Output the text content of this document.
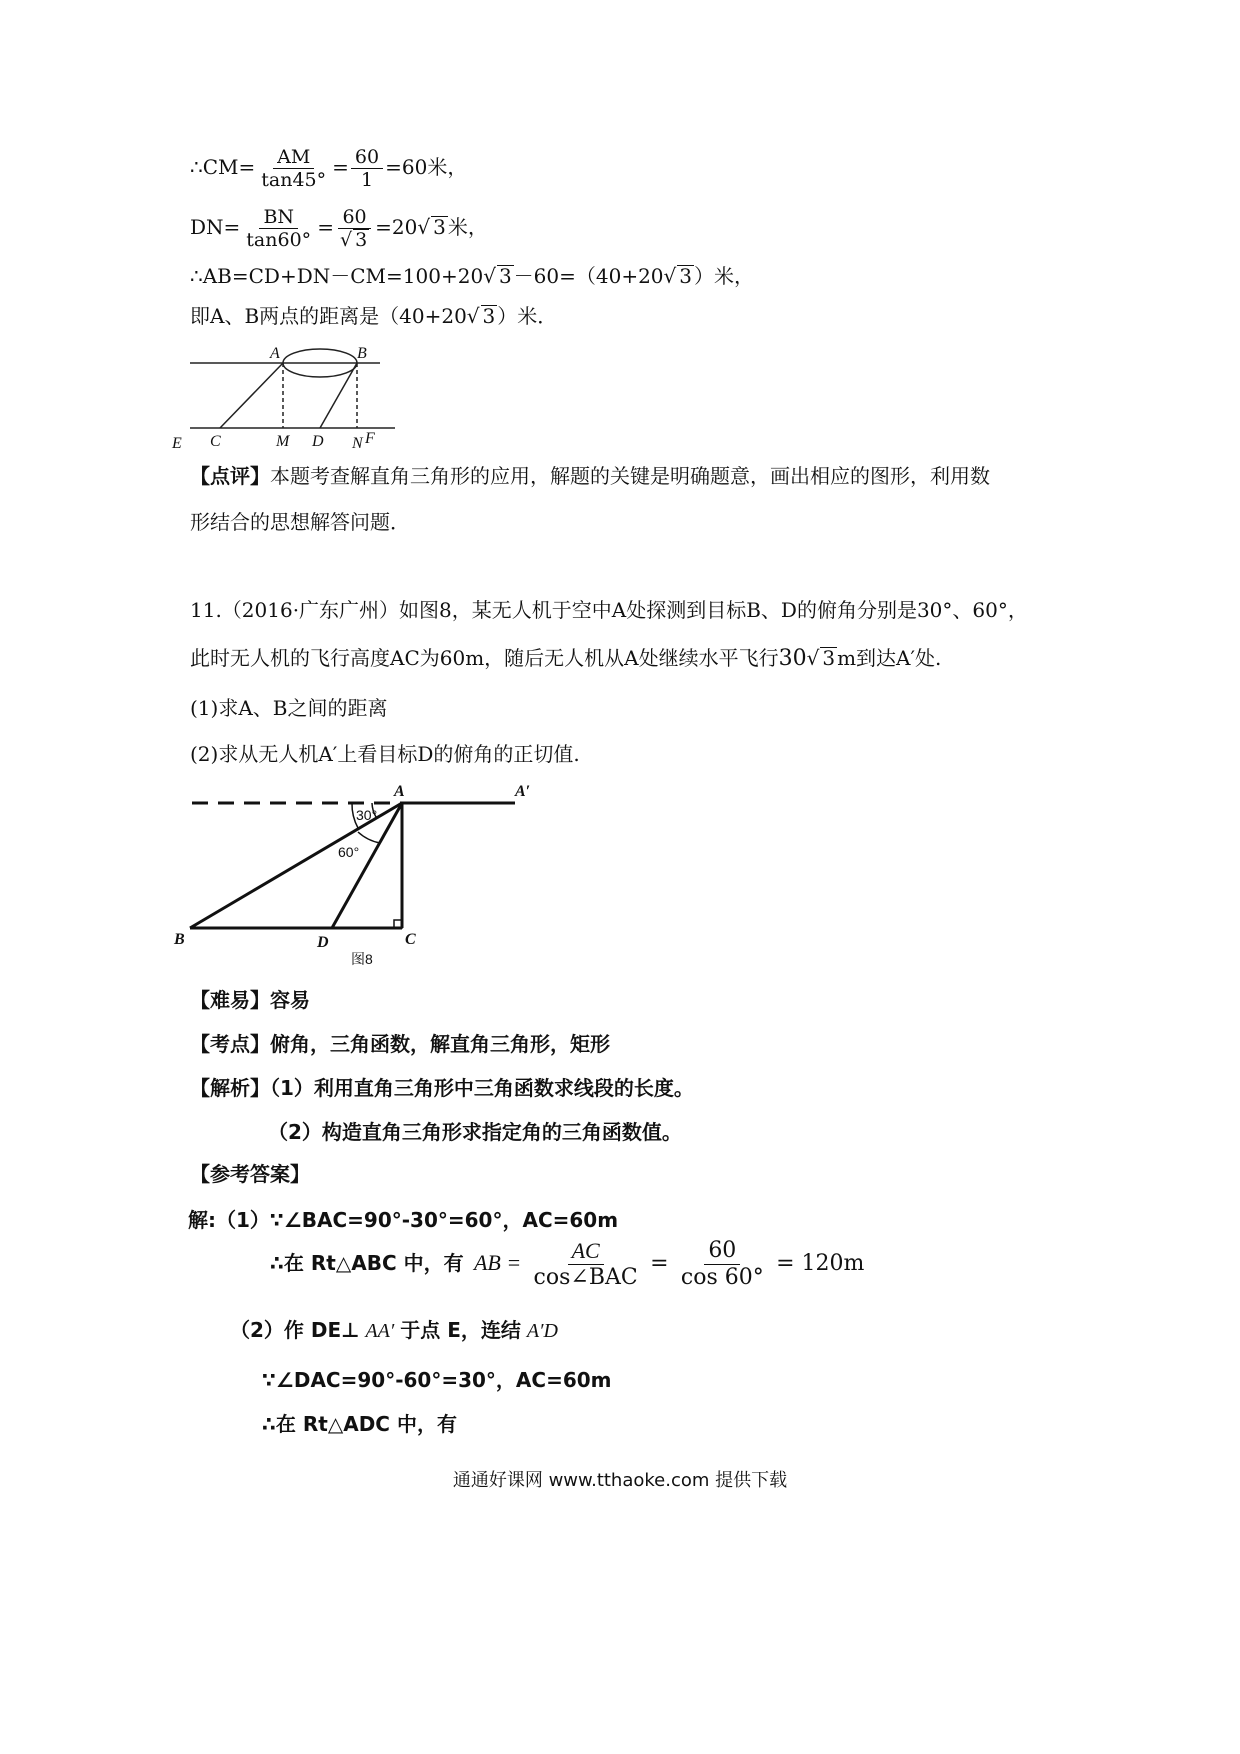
∴CM= $\frac{AM}{\tan 45^\circ} = \frac{60}{1} =60$米，
$DN= \frac{BN}{\tan 60^\circ} = \frac{60}{√ 3} =20√$ 3 米，
∴AB=CD+DN－CM=100+20√ 3 －60=（40+20√ 3 ）米，
即A、B两点的距离是（40+20√ 3 ）米．
A	B
E C	M D N F
【点评】本题考查解直角三角形的应用，解题的关键是明确题意，画出相应的图形，利用数
形结合的思想解答问题．
11.（2016·广东广州）如图8，某无人机于空中A处探测到目标B、D的俯角分别是30°、60°，
此时无人机的飞行高度AC为60m，随后无人机从A处继续水平飞行30√ 3 m到达A′处.
(1)求A、B之间的距离
(2)求从无人机A′上看目标D的俯角的正切值.
A	A′
B	D	C
30°
60°
图8
【难易】容易
【考点】俯角，三角函数，解直角三角形，矩形
【解析】（1）利用直角三角形中三角函数求线段的长度。
（2）构造直角三角形求指定角的三角函数值。
【参考答案】
解:（1）∵∠BAC=90°-30°=60°，AC=60m
∴在 Rt△ABC 中，有 AB = $\frac{AC}{\text{cos∠BAC}} = \frac{60}{\cos 60^\circ} = 120m$
（2）作 DE⊥ AA′ 于点 E，连结 A′D
∵∠DAC=90°-60°=30°，AC=60m
∴在 Rt△ADC 中，有
通通好课网 www.tthaoke.com 提供下载
